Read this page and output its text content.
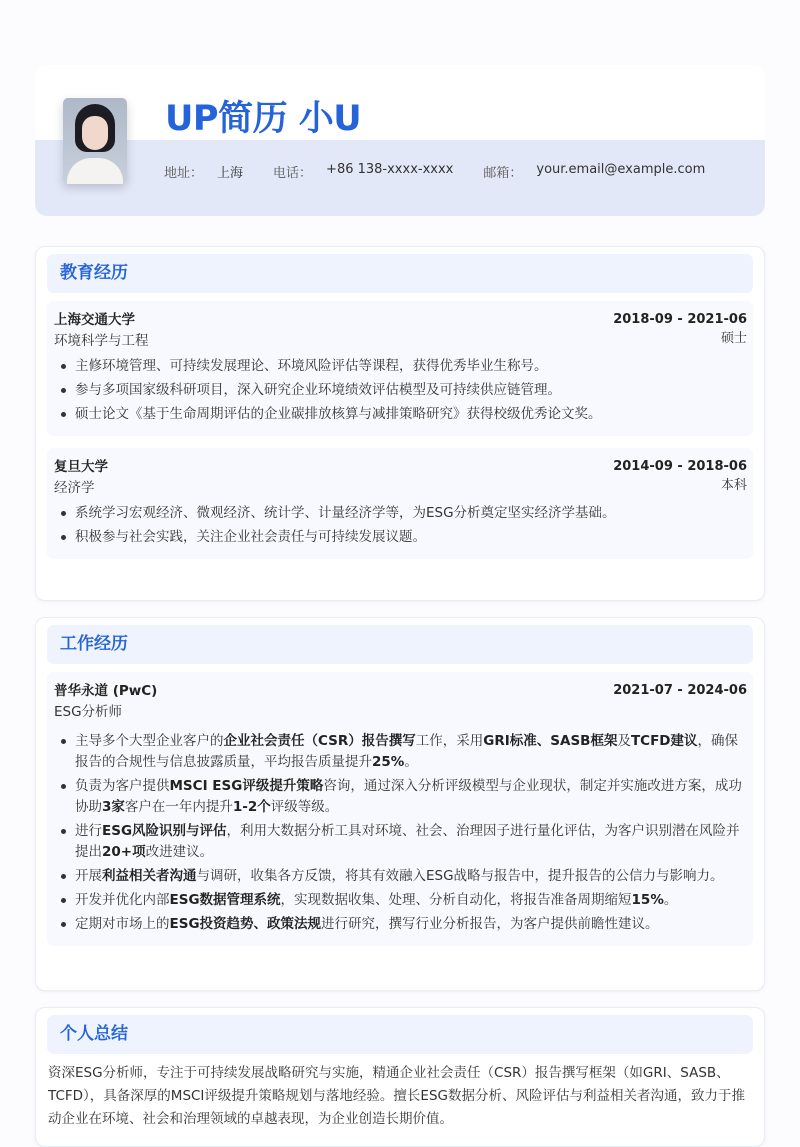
UP简历 小U
地址： 上海 电话： +86 138-xxxx-xxxx 邮箱： your.email@example.com
教育经历
上海交通大学	2018-09 - 2021-06
环境科学与工程	硕士
主修环境管理、可持续发展理论、环境风险评估等课程，获得优秀毕业生称号。
参与多项国家级科研项目，深入研究企业环境绩效评估模型及可持续供应链管理。
硕士论文《基于生命周期评估的企业碳排放核算与减排策略研究》获得校级优秀论文奖。
复旦大学	2014-09 - 2018-06
经济学	本科
系统学习宏观经济、微观经济、统计学、计量经济学等，为ESG分析奠定坚实经济学基础。
积极参与社会实践，关注企业社会责任与可持续发展议题。
工作经历
普华永道 (PwC)	2021-07 - 2024-06
ESG分析师
主导多个大型企业客户的企业社会责任（CSR）报告撰写工作，采用GRI标准、SASB框架及TCFD建议，确保报告的合规性与信息披露质量，平均报告质量提升25%。
负责为客户提供MSCI ESG评级提升策略咨询，通过深入分析评级模型与企业现状，制定并实施改进方案，成功协助3家客户在一年内提升1-2个评级等级。
进行ESG风险识别与评估，利用大数据分析工具对环境、社会、治理因子进行量化评估，为客户识别潜在风险并提出20+项改进建议。
开展利益相关者沟通与调研，收集各方反馈，将其有效融入ESG战略与报告中，提升报告的公信力与影响力。
开发并优化内部ESG数据管理系统，实现数据收集、处理、分析自动化，将报告准备周期缩短15%。
定期对市场上的ESG投资趋势、政策法规进行研究，撰写行业分析报告，为客户提供前瞻性建议。
个人总结
资深ESG分析师，专注于可持续发展战略研究与实施，精通企业社会责任（CSR）报告撰写框架（如GRI、SASB、TCFD），具备深厚的MSCI评级提升策略规划与落地经验。擅长ESG数据分析、风险评估与利益相关者沟通，致力于推动企业在环境、社会和治理领域的卓越表现，为企业创造长期价值。
